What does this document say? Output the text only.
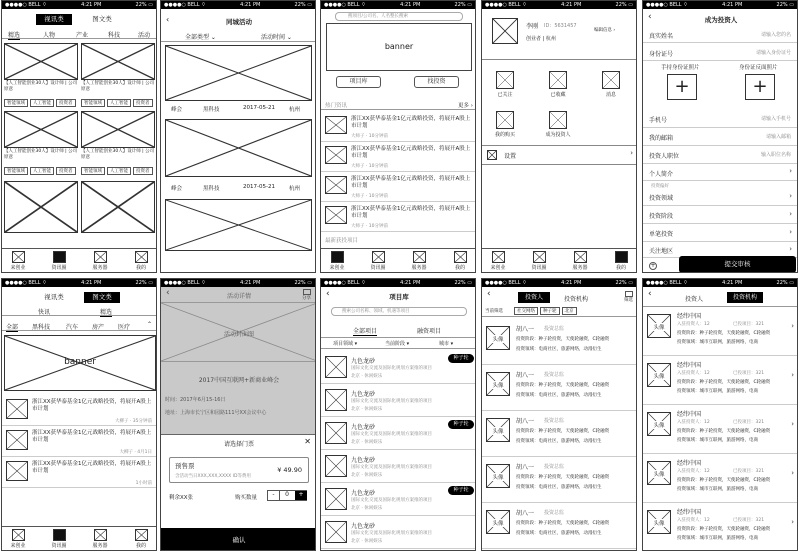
●●●●○ BELL ⌔	4:21 PM	22% ▭
视讯类	图文类
精选	人物	产业	科技	活动
【人工智能创业30人】设计师 | 公司原意
智能领域 人工智能 投资者
【人工智能创业30人】设计师 | 公司原意
智能领域 人工智能 投资者
【人工智能创业30人】设计师 | 公司原意
智能领域 人工智能 投资者
【人工智能创业30人】设计师 | 公司原意
智能领域 人工智能 投资者
来创业	资讯圈	服务器	我的
●●●●○ BELL ⌔	4:21 PM	22% ▭
‹	同城活动
全部类型 ⌄	活动时间 ⌄
峰会	黑科技	2017-05-21	杭州
峰会	黑科技	2017-05-21	杭州
●●●●○ BELL ⌔	4:21 PM	22% ▭
搜项目/公司名、人名整长搜索
banner
项目库	找投资
热门资讯	更多 ›
浙江XX获华泰基金1亿元战略投资，将展开A股上市计划
大师子 · 10分钟前
浙江XX获华泰基金1亿元战略投资，将展开A股上市计划
大师子 · 10分钟前
浙江XX获华泰基金1亿元战略投资，将展开A股上市计划
大师子 · 10分钟前
浙江XX获华泰基金1亿元战略投资，将展开A股上市计划
大师子 · 10分钟前
最新获投项目
来创业	资讯圈	服务器	我的
●●●●○ BELL ⌔	4:21 PM	22% ▭
李刚 ID：5631457
创业者 | 杭州
编辑信息 ›
已关注	已收藏	消息
我的购买	成为投资人
设置	›
来创业	资讯圈	服务器	我的
●●●●○ BELL ⌔	4:21 PM	22% ▭
‹	成为投资人
真实姓名	请输入您的名
身份证号	请输入身份证号
手持身份证照片	身份证反面照片
+	+
手机号	请输入手机号
我的邮箱	请输入邮箱
投资人职位	输入职位名称
个人简介	›
投资偏好
投资领域	›
投资阶段	›
单笔投资	›
关注地区	›
+	提交审核
●●●●○ BELL ⌔	4:21 PM	22% ▭
视讯类	图文类
快讯	精选
全部 黑科技	汽车 房产 医疗	⌃
banner
浙江XX获华泰基金1亿元战略投资，将展开A股上市计划
大柳子 · 35分钟前
浙江XX获华泰基金1亿元战略投资，将展开A股上市计划
大柳子 · 4月1日
浙江XX获华泰基金1亿元战略投资，将展开A股上市计划
1小时前
来创业	资讯圈	服务器	我的
●●●●○ BELL ⌔	4:21 PM	22% ▭
‹	活动详情	分享
活动封面图
2017中国互联网+新商业峰会
时间：2017年6月15-16日
地址：上海市长宁区和园路111号XX会议中心
请选择门票	✕
预售票
含活动当日XXX,XXX,XXXX ID等费用
¥ 49.90
剩余XX张	购买数量	-	0	+
确认
●●●●○ BELL ⌔	4:21 PM	22% ▭
‹	项目库
搜索公司名称、领域、机遇等项目
全部项目	融资项目
项目领域 ▾	当前阶段 ▾	城市 ▾
九色龙砂
国际文化交流及国际化规划方案推的项目
北京 · 休闲娱乐
种子轮
九色龙砂
国际文化交流及国际化规划方案推的项目
北京 · 休闲娱乐
九色龙砂
国际文化交流及国际化规划方案推的项目
北京 · 休闲娱乐
种子轮
九色龙砂
国际文化交流及国际化规划方案推的项目
北京 · 休闲娱乐
九色龙砂
国际文化交流及国际化规划方案推的项目
北京 · 休闲娱乐
种子轮
九色龙砂
国际文化交流及国际化规划方案推的项目
北京 · 休闲娱乐
●●●●○ BELL ⌔	4:21 PM	22% ▭
‹	投资人	投资机构	筛选
当前筛选	社交网络 种子轮 北京
头像
胡八一 投资总监
投资阶段：种子轮投资，天使轮融资，C轮融资
投资领域：电商社区，旅游网络，动漫衍生
头像
胡八一 投资总监
投资阶段：种子轮投资，天使轮融资，C轮融资
投资领域：电商社区，旅游网络，动漫衍生
头像
胡八一 投资总监
投资阶段：种子轮投资，天使轮融资，C轮融资
投资领域：电商社区，旅游网络，动漫衍生
头像
胡八一 投资总监
投资阶段：种子轮投资，天使轮融资，C轮融资
投资领域：电商社区，旅游网络，动漫衍生
头像
胡八一 投资总监
投资阶段：种子轮投资，天使轮融资，C轮融资
投资领域：电商社区，旅游网络，动漫衍生
●●●●○ BELL ⌔	4:21 PM	22% ▭
‹
投资人	投资机构
头像
经纬中国
入驻投资人：12	已投项目：321
投资阶段：种子轮投资，天使轮融资，C轮融资
投资领域：城市互联网，旅游网络，电商
›
头像
经纬中国
入驻投资人：12	已投项目：321
投资阶段：种子轮投资，天使轮融资，C轮融资
投资领域：城市互联网，旅游网络，电商
›
头像
经纬中国
入驻投资人：12	已投项目：321
投资阶段：种子轮投资，天使轮融资，C轮融资
投资领域：城市互联网，旅游网络，电商
›
头像
经纬中国
入驻投资人：12	已投项目：321
投资阶段：种子轮投资，天使轮融资，C轮融资
投资领域：城市互联网，旅游网络，电商
›
头像
经纬中国
入驻投资人：12	已投项目：321
投资阶段：种子轮投资，天使轮融资，C轮融资
投资领域：城市互联网，旅游网络，电商
›
